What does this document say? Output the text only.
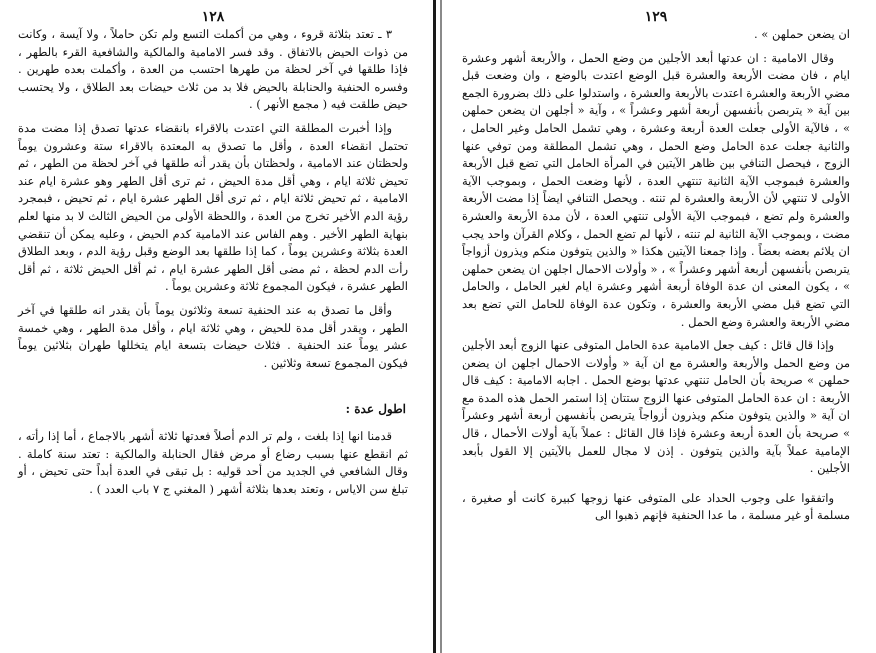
١٢٨

٣ ـ تعتد بثلاثة قروء ، وهي من أكملت التسع ولم تكن حاملاً ، ولا آيسة ، وكانت من ذوات الحيض بالاتفاق . وقد فسر الامامية والمالكية والشافعية القرء بالطهر ، فإذا طلقها في آخر لحظة من طهرها احتسب من العدة ، وأكملت بعده طهرين . وفسره الحنفية والحنابلة بالحيض فلا بد من ثلاث حيضات بعد الطلاق ، ولا يحتسب حيض طلقت فيه ( مجمع الأنهر ) .

وإذا أخبرت المطلقة التي اعتدت بالاقراء بانقضاء عدتها تصدق إذا مضت مدة تحتمل انقضاء العدة ، وأقل ما تصدق به المعتدة بالاقراء ستة وعشرون يوماً ولحظتان عند الامامية ، ولحظتان بأن يقدر أنه طلقها في آخر لحظة من الطهر ، ثم تحيض ثلاثة ايام ، وهي أقل مدة الحيض ، ثم ترى أقل الطهر وهو عشرة ايام عند الامامية ، ثم تحيض ثلاثة ايام ، ثم ترى أقل الطهر عشرة ايام ، ثم تحيض ، فبمجرد رؤية الدم الأخير تخرج من العدة ، واللحظة الأولى من الحيض الثالث لا بد منها لعلم بنهاية الطهر الأخير . وهم الفاس عند الامامية كدم الحيض ، وعليه يمكن أن تنقضي العدة بثلاثة وعشرين يوماً ، كما إذا طلقها بعد الوضع وقبل رؤية الدم ، وبعد الطلاق رأت الدم لحظة ، ثم مضى أقل الطهر عشرة ايام ، ثم أقل الحيض ثلاثة ، ثم أقل الطهر عشرة ، فيكون المجموع ثلاثة وعشرين يوماً .

وأقل ما تصدق به عند الحنفية تسعة وثلاثون يوماً بأن يقدر انه طلقها في آخر الطهر ، ويقدر أقل مدة للحيض ، وهي ثلاثة ايام ، وأقل مدة الطهر ، وهي خمسة عشر يوماً عند الحنفية . فثلاث حيضات بتسعة ايام يتخللها طهران بثلاثين يوماً فيكون المجموع تسعة وثلاثين .

اطول عدة :

قدمنا انها إذا بلغت ، ولم تر الدم أصلاً فعدتها ثلاثة أشهر بالاجماع ، أما إذا رأته ، ثم انقطع عنها بسبب رضاع أو مرض فقال الحنابلة والمالكية : تعتد سنة كاملة . وقال الشافعي في الجديد من أحد قوليه : بل تبقى في العدة أبداً حتى تحيض ، أو تبلغ سن الاياس ، وتعتد بعدها بثلاثة أشهر ( المغني ج ٧ باب العدد ) .

١٢٩

ان يضعن حملهن » .

وقال الامامية : ان عدتها أبعد الأجلين من وضع الحمل ، والأربعة أشهر وعشرة ايام ، فان مضت الأربعة والعشرة قبل الوضع اعتدت بالوضع ، وان وضعت قبل مضي الأربعة والعشرة اعتدت بالأربعة والعشرة ، واستدلوا على ذلك بضرورة الجمع بين آية « يتربصن بأنفسهن أربعة أشهر وعشراً » ، وآية « أجلهن ان يضعن حملهن » ، فالآية الأولى جعلت العدة أربعة وعشرة ، وهي تشمل الحامل وغير الحامل ، والثانية جعلت عدة الحامل وضع الحمل ، وهي تشمل المطلقة ومن توفي عنها الزوج ، فيحصل التنافي بين ظاهر الآيتين في المرأة الحامل التي تضع قبل الأربعة والعشرة فبموجب الآية الثانية تنتهي العدة ، لأنها وضعت الحمل ، وبموجب الآية الأولى لا تنتهي لأن الأربعة والعشرة لم تنته . ويحصل التنافي ايضاً إذا مضت الأربعة والعشرة ولم تضع ، فبموجب الآية الأولى تنتهي العدة ، لأن مدة الأربعة والعشرة مضت ، وبموجب الآية الثانية لم تنته ، لأنها لم تضع الحمل ، وكلام القرآن واحد يجب ان يلائم بعضه بعضاً . وإذا جمعنا الآيتين هكذا « والذين يتوفون منكم ويذرون أزواجاً يتربصن بأنفسهن أربعة أشهر وعشراً » ، « وأولات الاحمال اجلهن ان يضعن حملهن » ، يكون المعنى ان عدة الوفاة أربعة أشهر وعشرة ايام لغير الحامل ، والحامل التي تضع قبل مضي الأربعة والعشرة ، وتكون عدة الوفاة للحامل التي تضع بعد مضي الأربعة والعشرة وضع الحمل .

وإذا قال قائل : كيف جعل الامامية عدة الحامل المتوفى عنها الزوج أبعد الأجلين من وضع الحمل والأربعة والعشرة مع ان آية « وأولات الاحمال اجلهن ان يضعن حملهن » صريحة بأن الحامل تنتهي عدتها بوضع الحمل . اجابه الامامية : كيف قال الأربعة : ان عدة الحامل المتوفى عنها الزوج ستتان إذا استمر الحمل هذه المدة مع ان آية « والذين يتوفون منكم ويذرون أزواجاً يتربصن بأنفسهن أربعة أشهر وعشراً » صريحة بأن العدة أربعة وعشرة فإذا قال القائل : عملاً بآية أولات الأحمال ، قال الإمامية عملاً بآية والذين يتوفون . إذن لا مجال للعمل بالآيتين إلا القول بأبعد الأجلين .

واتفقوا على وجوب الحداد على المتوفى عنها زوجها كبيرة كانت أو صغيرة ، مسلمة أو غير مسلمة ، ما عدا الحنفية فإنهم ذهبوا الى
